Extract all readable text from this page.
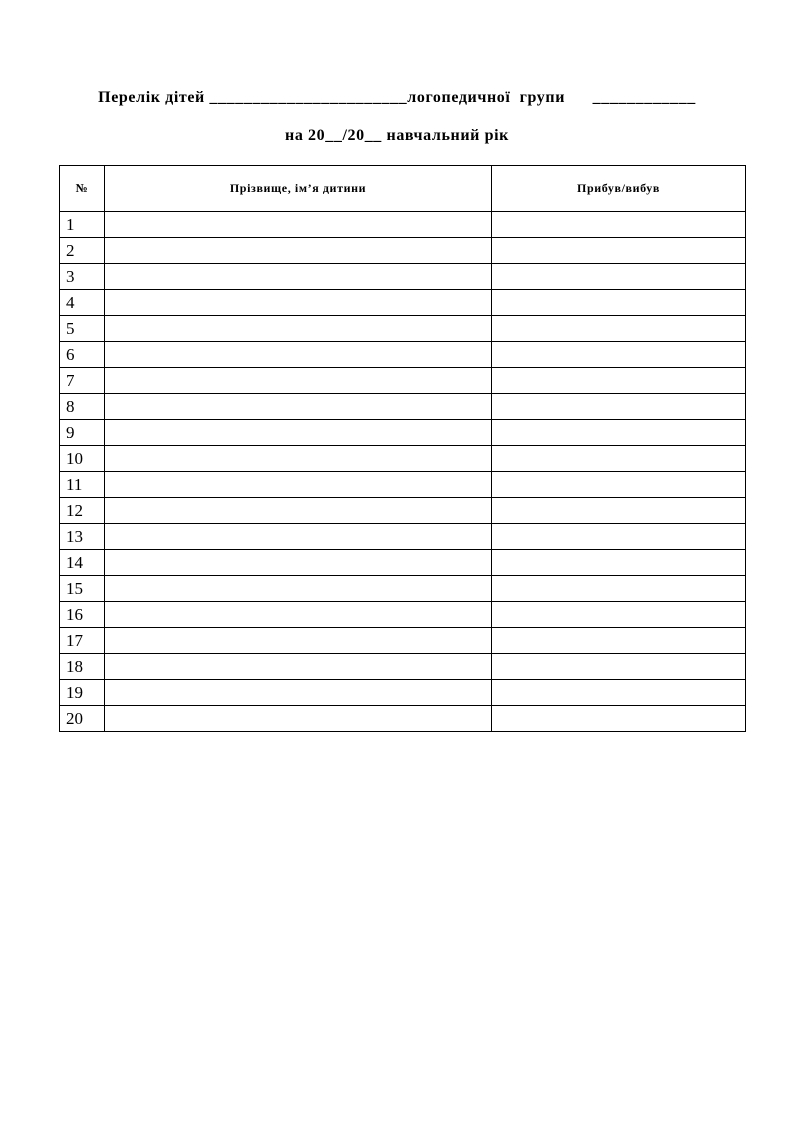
Перелік дітей _______________________логопедичної  групи      ____________
на 20__/20__ навчальний рік
№	Прізвище, ім’я дитини	Прибув/вибув
1		
2		
3		
4		
5		
6		
7		
8		
9		
10		
11		
12		
13		
14		
15		
16		
17		
18		
19		
20		
